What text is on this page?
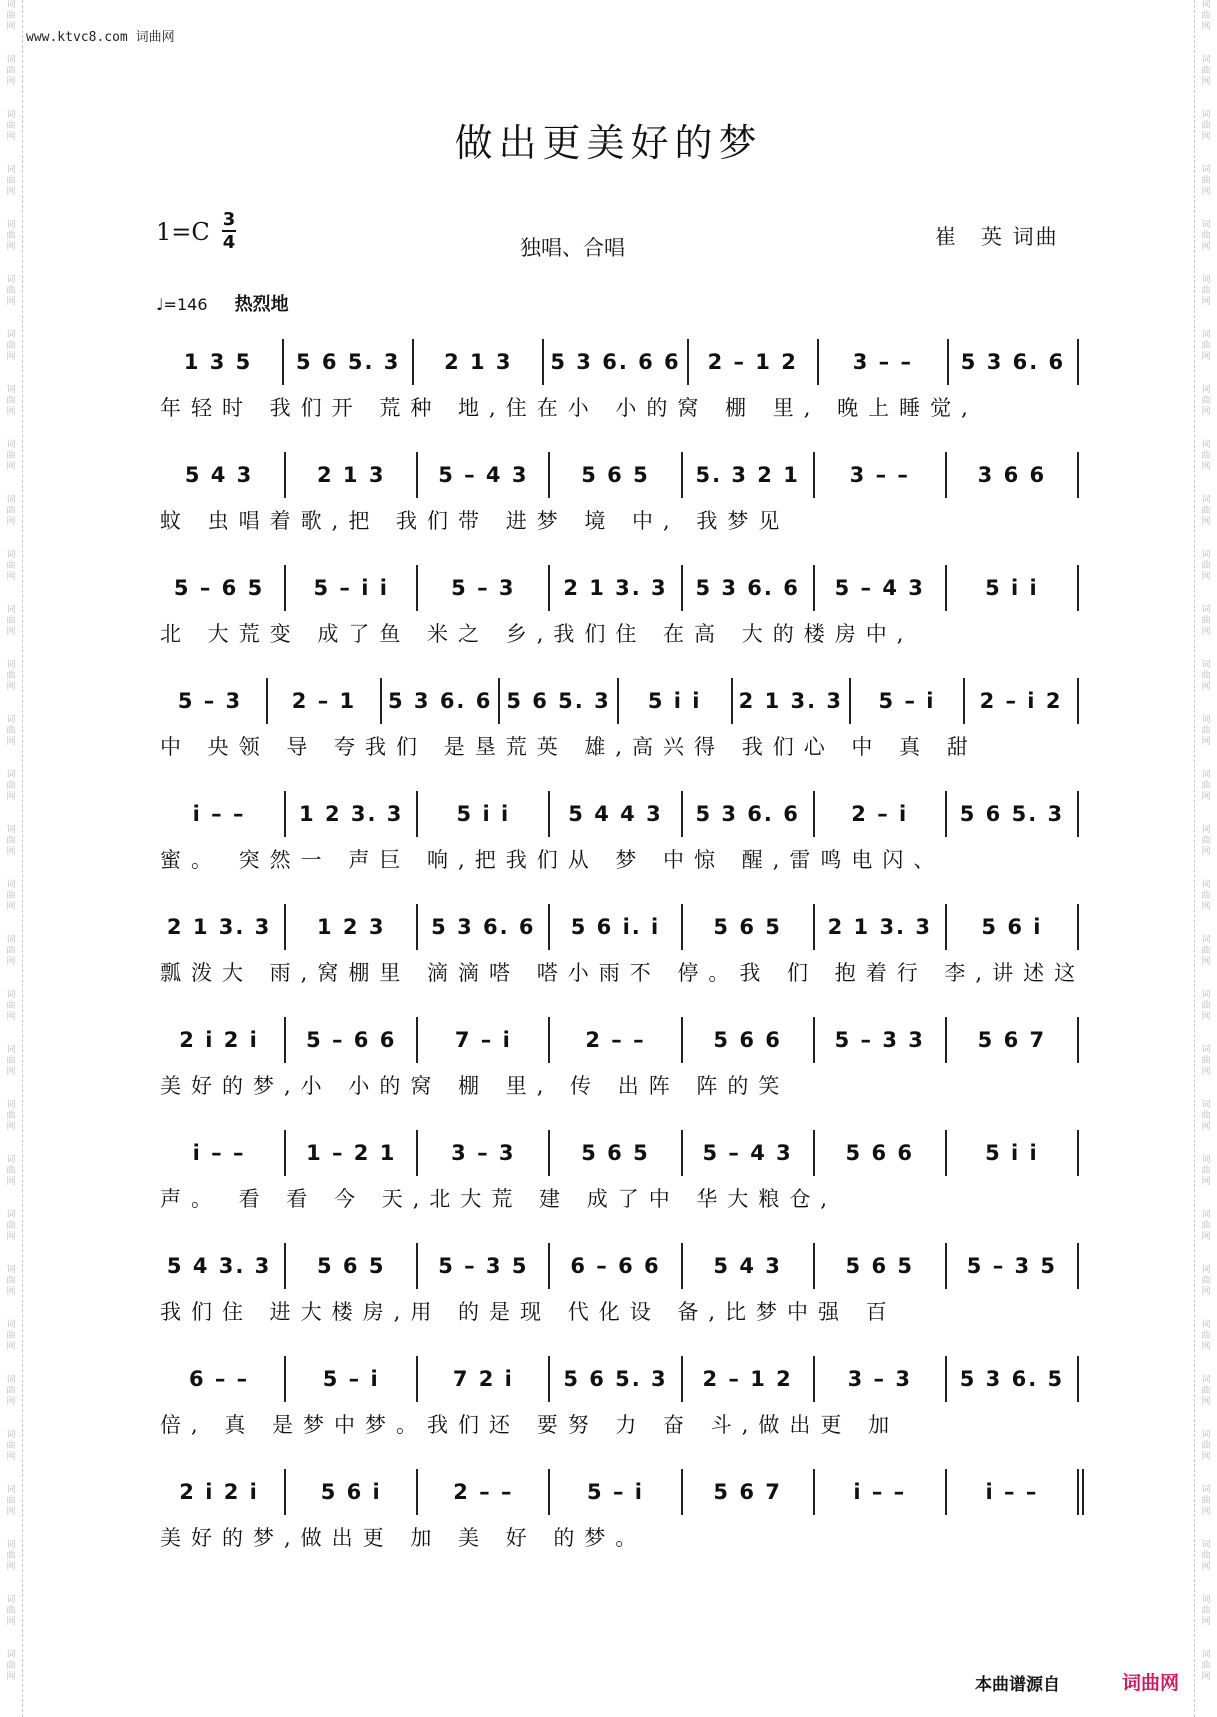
词
曲
网
词
曲
网
词
曲
网
词
曲
网
词
曲
网
词
曲
网
词
曲
网
词
曲
网
词
曲
网
词
曲
网
词
曲
网
词
曲
网
词
曲
网
词
曲
网
词
曲
网
词
曲
网
词
曲
网
词
曲
网
词
曲
网
词
曲
网
词
曲
网
词
曲
网
词
曲
网
词
曲
网
词
曲
网
词
曲
网
词
曲
网
词
曲
网
词
曲
网
词
曲
网
词
曲
网
词
曲
网
词
曲
网
词
曲
网
词
曲
网
词
曲
网
词
曲
网
词
曲
网
词
曲
网
词
曲
网
词
曲
网
词
曲
网
词
曲
网
词
曲
网
词
曲
网
词
曲
网
词
曲
网
词
曲
网
词
曲
网
词
曲
网
词
曲
网
词
曲
网
词
曲
网
词
曲
网
词
曲
网
词
曲
网
词
曲
网
词
曲
网
词
曲
网
词
曲
网
词
曲
网
词
曲
网
www.ktvc8.com 词曲网
做出更美好的梦
1=C 3
4	独唱、合唱	崔　英 词曲
♩=146 热烈地
1 3 5	5 6 5. 3	2 1 3	5 3 6. 6 6	2 – 1 2	3 – –	5 3 6. 6
年轻时 我们开 荒种 地,住在小 小的窝 棚 里, 晚上睡觉,
5 4 3	2 1 3	5 – 4 3	5 6 5	5. 3 2 1	3 – –	3 6 6
蚊 虫唱着歌,把 我们带 进梦 境 中, 我梦见
5 – 6 5	5 – i i	5 – 3	2 1 3. 3	5 3 6. 6	5 – 4 3	5 i i
北 大荒变 成了鱼 米之 乡,我们住 在高 大的楼房中,
5 – 3	2 – 1	5 3 6. 6 5 6 5. 3	5 i i	2 1 3. 3	5 – i	2 – i 2
中 央领 导 夸我们 是垦荒英 雄,高兴得 我们心 中 真 甜
i – –	1 2 3. 3	5 i i	5 4 4 3	5 3 6. 6	2 – i	5 6 5. 3
蜜。 突然一 声巨 响,把我们从 梦 中惊 醒,雷鸣电闪、
2 1 3. 3	1 2 3	5 3 6. 6	5 6 i. i	5 6 5	2 1 3. 3	5 6 i
瓢泼大 雨,窝棚里 滴滴嗒 嗒小雨不 停。我 们 抱着行 李,讲述这
2 i 2 i	5 – 6 6	7 – i	2 – –	5 6 6	5 – 3 3	5 6 7
美好的梦,小 小的窝 棚 里, 传 出阵 阵的笑
i – –	1 – 2 1	3 – 3	5 6 5	5 – 4 3	5 6 6	5 i i
声。 看 看 今 天,北大荒 建 成了中 华大粮仓,
5 4 3. 3	5 6 5	5 – 3 5	6 – 6 6	5 4 3	5 6 5	5 – 3 5
我们住 进大楼房,用 的是现 代化设 备,比梦中强 百
6 – –	5 – i	7 2 i	5 6 5. 3	2 – 1 2	3 – 3	5 3 6. 5
倍, 真 是梦中梦。我们还 要努 力 奋 斗,做出更 加
2 i 2 i	5 6 i	2 – –	5 – i	5 6 7	i – –	i – –
美好的梦,做出更 加 美 好 的梦。
本曲谱源自	词曲网
